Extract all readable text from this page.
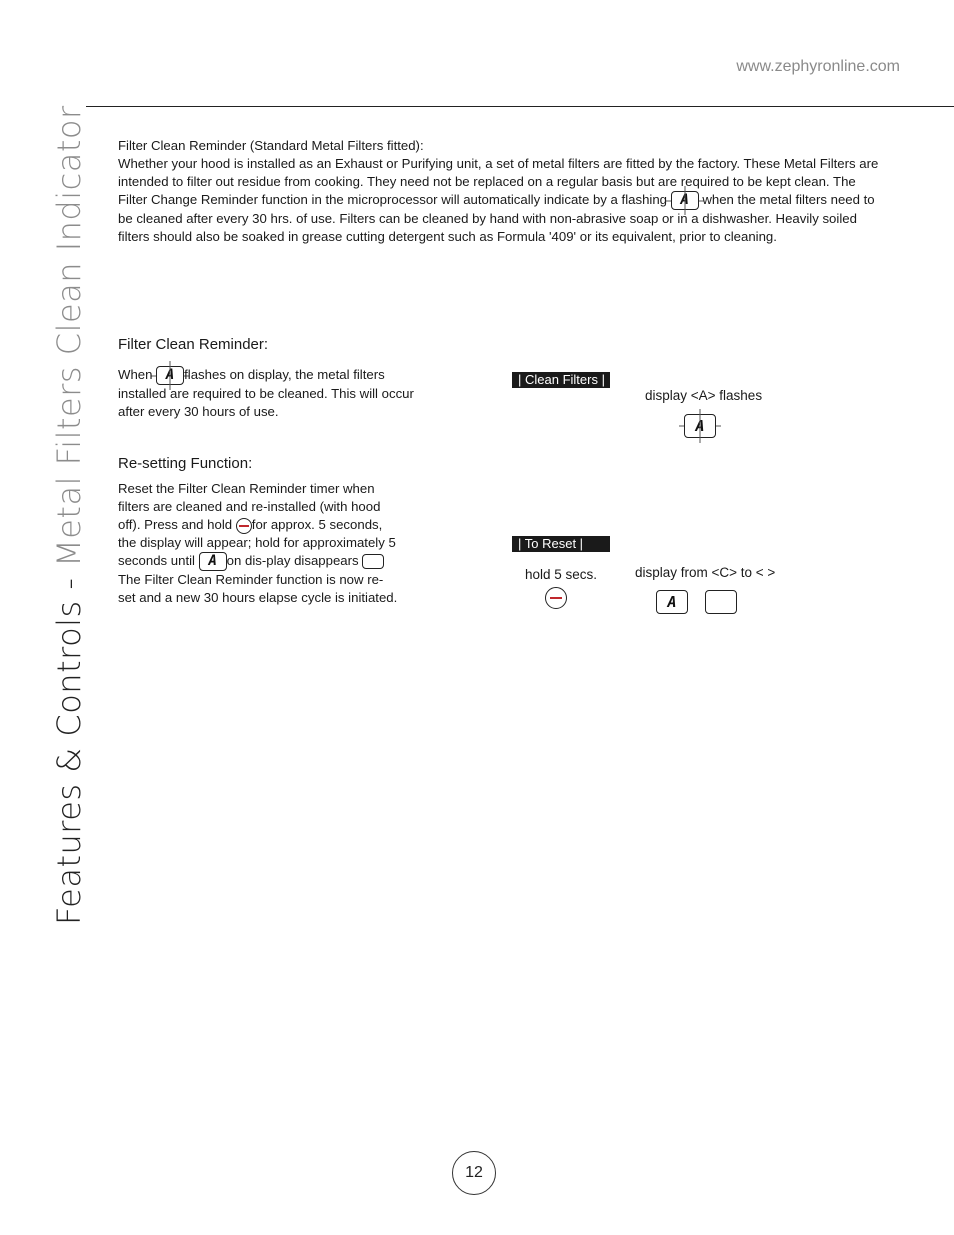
www.zephyronline.com
Features & Controls - Metal Filters Clean Indicator Filter Clean Reminder (Standard Metal Filters fitted):
Whether your hood is installed as an Exhaust or Purifying unit, a set of metal filters are fitted by the factory. These Metal Filters are intended to filter out residue from cooking. They need not be replaced on a regular basis but are required to be kept clean. The Filter Change Reminder function in the microprocessor will automatically indicate by a flashing A when the metal filters need to be cleaned after every 30 hrs. of use. Filters can be cleaned by hand with non-abrasive soap or in a dishwasher. Heavily soiled filters should also be soaked in grease cutting detergent such as Formula '409' or its equivalent, prior to cleaning.
Filter Clean Reminder:
When A flashes on display, the metal filters installed are required to be cleaned. This will occur after every 30 hours of use.
Re-setting Function:
Reset the Filter Clean Reminder timer when filters are cleaned and re-installed (with hood off). Press and hold for approx. 5 seconds, the display will appear; hold for approximately 5 seconds until A on dis-play disappears  The Filter Clean Reminder function is now re-set and a new 30 hours elapse cycle is initiated.
| Clean Filters |
display <A> flashes
A
| To Reset |
hold 5 secs.	display from <C> to < >
A
12
